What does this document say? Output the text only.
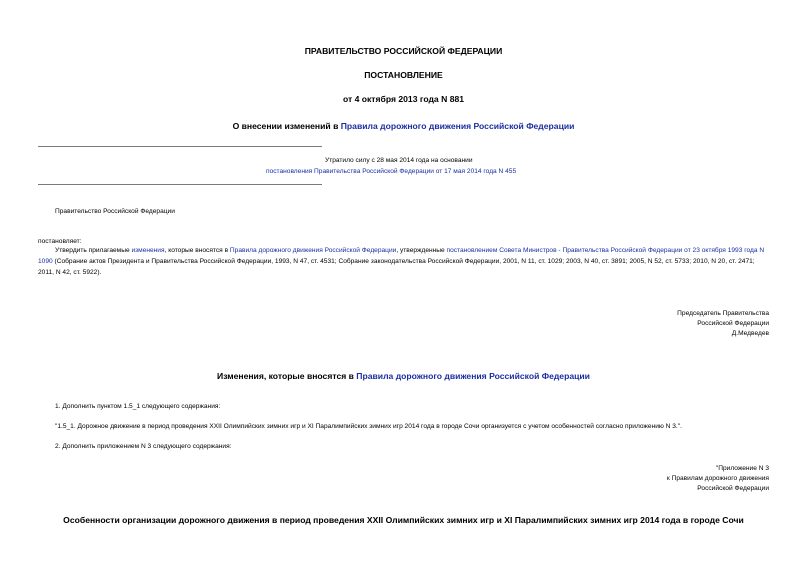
ПРАВИТЕЛЬСТВО РОССИЙСКОЙ ФЕДЕРАЦИИ
ПОСТАНОВЛЕНИЕ
от 4 октября 2013 года N 881
О внесении изменений в Правила дорожного движения Российской Федерации
Утратило силу с 28 мая 2014 года на основании
постановления Правительства Российской Федерации от 17 мая 2014 года N 455
Правительство Российской Федерации
постановляет:
Утвердить прилагаемые изменения, которые вносятся в Правила дорожного движения Российской Федерации, утвержденные постановлением Совета Министров - Правительства Российской Федерации от 23 октября 1993 года N 1090 (Собрание актов Президента и Правительства Российской Федерации, 1993, N 47, ст. 4531; Собрание законодательства Российской Федерации, 2001, N 11, ст. 1029; 2003, N 40, ст. 3891; 2005, N 52, ст. 5733; 2010, N 20, ст. 2471; 2011, N 42, ст. 5922).
Председатель Правительства
Российской Федерации
Д.Медведев
Изменения, которые вносятся в Правила дорожного движения Российской Федерации
1. Дополнить пунктом 1.5_1 следующего содержания:
"1.5_1. Дорожное движение в период проведения XXII Олимпийских зимних игр и XI Паралимпийских зимних игр 2014 года в городе Сочи организуется с учетом особенностей согласно приложению N 3.".
2. Дополнить приложением N 3 следующего содержания:
"Приложение N 3
к Правилам дорожного движения
Российской Федерации
Особенности организации дорожного движения в период проведения XXII Олимпийских зимних игр и XI Паралимпийских зимних игр 2014 года в городе Сочи
